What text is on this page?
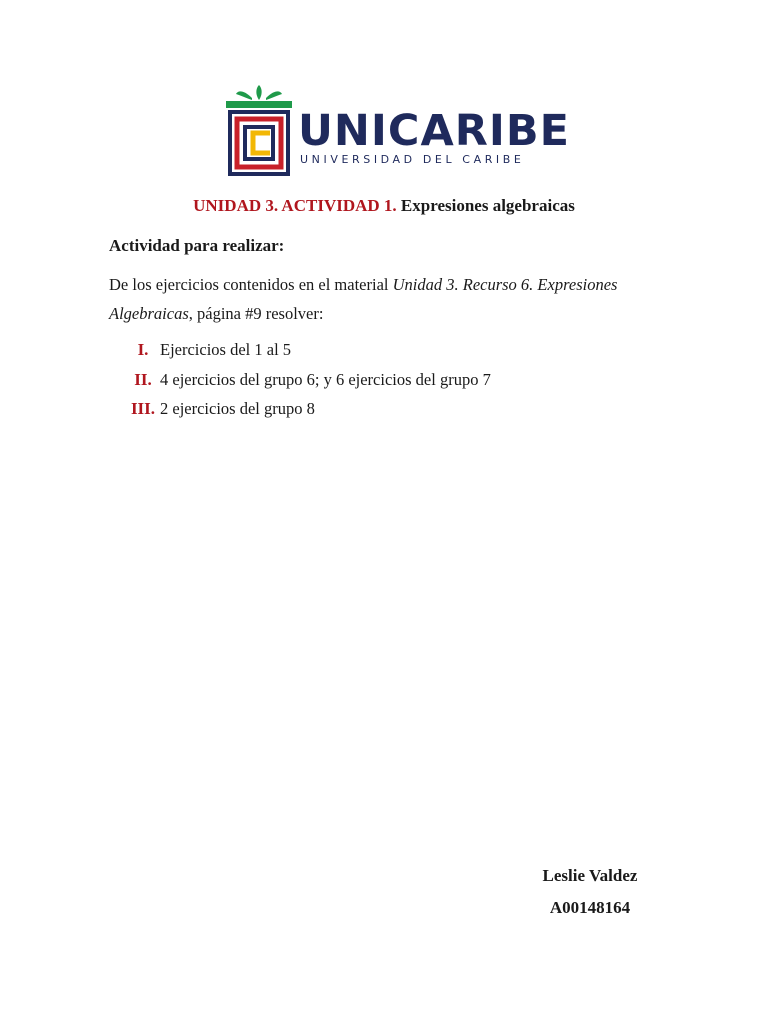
UNICARIBE
UNIVERSIDAD DEL CARIBE
UNIDAD 3. ACTIVIDAD 1. Expresiones algebraicas
Actividad para realizar:
De los ejercicios contenidos en el material Unidad 3. Recurso 6. Expresiones Algebraicas, página #9 resolver:
I. Ejercicios del 1 al 5
II. 4 ejercicios del grupo 6; y 6 ejercicios del grupo 7
III. 2 ejercicios del grupo 8
Leslie Valdez
A00148164
